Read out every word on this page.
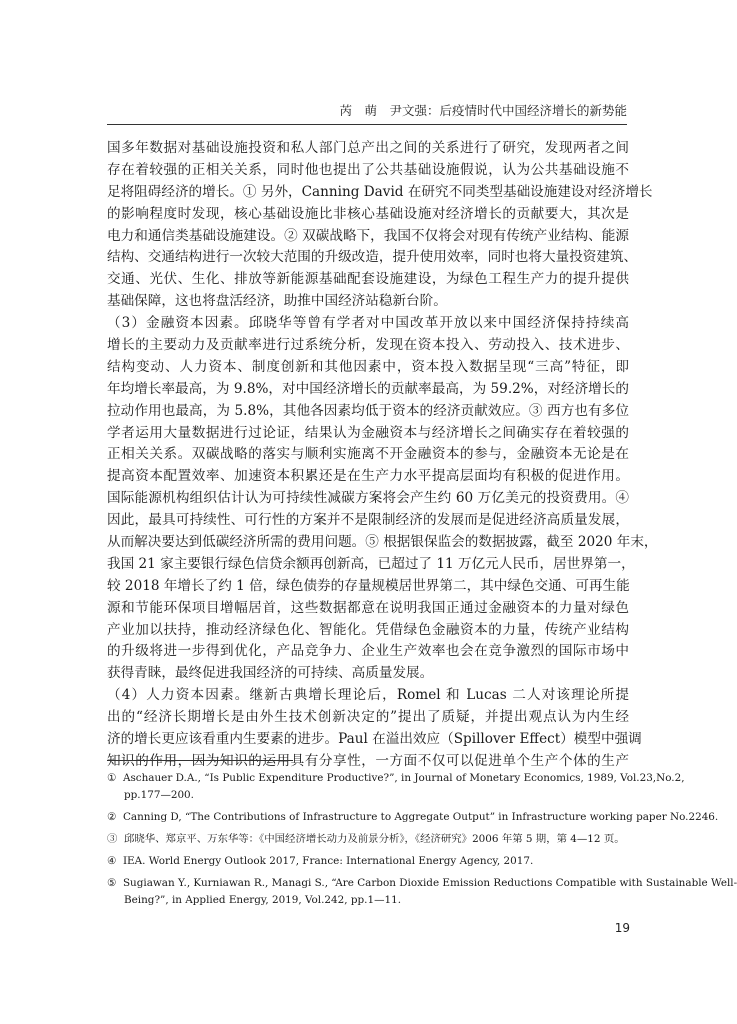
芮　萌　尹文强：后疫情时代中国经济增长的新势能
国多年数据对基础设施投资和私人部门总产出之间的关系进行了研究，发现两者之间
存在着较强的正相关关系，同时他也提出了公共基础设施假说，认为公共基础设施不
足将阻碍经济的增长。① 另外，Canning David 在研究不同类型基础设施建设对经济增长
的影响程度时发现，核心基础设施比非核心基础设施对经济增长的贡献要大，其次是
电力和通信类基础设施建设。② 双碳战略下，我国不仅将会对现有传统产业结构、能源
结构、交通结构进行一次较大范围的升级改造，提升使用效率，同时也将大量投资建筑、
交通、光伏、生化、排放等新能源基础配套设施建设，为绿色工程生产力的提升提供
基础保障，这也将盘活经济，助推中国经济站稳新台阶。
（3）金融资本因素。邱晓华等曾有学者对中国改革开放以来中国经济保持持续高
增长的主要动力及贡献率进行过系统分析，发现在资本投入、劳动投入、技术进步、
结构变动、人力资本、制度创新和其他因素中，资本投入数据呈现“三高”特征，即
年均增长率最高，为 9.8%，对中国经济增长的贡献率最高，为 59.2%，对经济增长的
拉动作用也最高，为 5.8%，其他各因素均低于资本的经济贡献效应。③ 西方也有多位
学者运用大量数据进行过论证，结果认为金融资本与经济增长之间确实存在着较强的
正相关关系。双碳战略的落实与顺利实施离不开金融资本的参与，金融资本无论是在
提高资本配置效率、加速资本积累还是在生产力水平提高层面均有积极的促进作用。
国际能源机构组织估计认为可持续性减碳方案将会产生约 60 万亿美元的投资费用。④
因此，最具可持续性、可行性的方案并不是限制经济的发展而是促进经济高质量发展，
从而解决要达到低碳经济所需的费用问题。⑤ 根据银保监会的数据披露，截至 2020 年末，
我国 21 家主要银行绿色信贷余额再创新高，已超过了 11 万亿元人民币，居世界第一，
较 2018 年增长了约 1 倍，绿色债券的存量规模居世界第二，其中绿色交通、可再生能
源和节能环保项目增幅居首，这些数据都意在说明我国正通过金融资本的力量对绿色
产业加以扶持，推动经济绿色化、智能化。凭借绿色金融资本的力量，传统产业结构
的升级将进一步得到优化，产品竞争力、企业生产效率也会在竞争激烈的国际市场中
获得青睐，最终促进我国经济的可持续、高质量发展。
（4）人力资本因素。继新古典增长理论后，Romel 和 Lucas 二人对该理论所提
出的“经济长期增长是由外生技术创新决定的”提出了质疑，并提出观点认为内生经
济的增长更应该看重内生要素的进步。Paul 在溢出效应（Spillover Effect）模型中强调
知识的作用，因为知识的运用具有分享性，一方面不仅可以促进单个生产个体的生产
① Aschauer D.A., “Is Public Expenditure Productive?”, in Journal of Monetary Economics, 1989, Vol.23,No.2,
pp.177—200.
② Canning D, “The Contributions of Infrastructure to Aggregate Output” in Infrastructure working paper No.2246.
③ 邱晓华、郑京平、万东华等：《中国经济增长动力及前景分析》，《经济研究》2006 年第 5 期，第 4—12 页。
④ IEA. World Energy Outlook 2017, France: International Energy Agency, 2017.
⑤ Sugiawan Y., Kurniawan R., Managi S., “Are Carbon Dioxide Emission Reductions Compatible with Sustainable Well-
Being?”, in Applied Energy, 2019, Vol.242, pp.1—11.
19
